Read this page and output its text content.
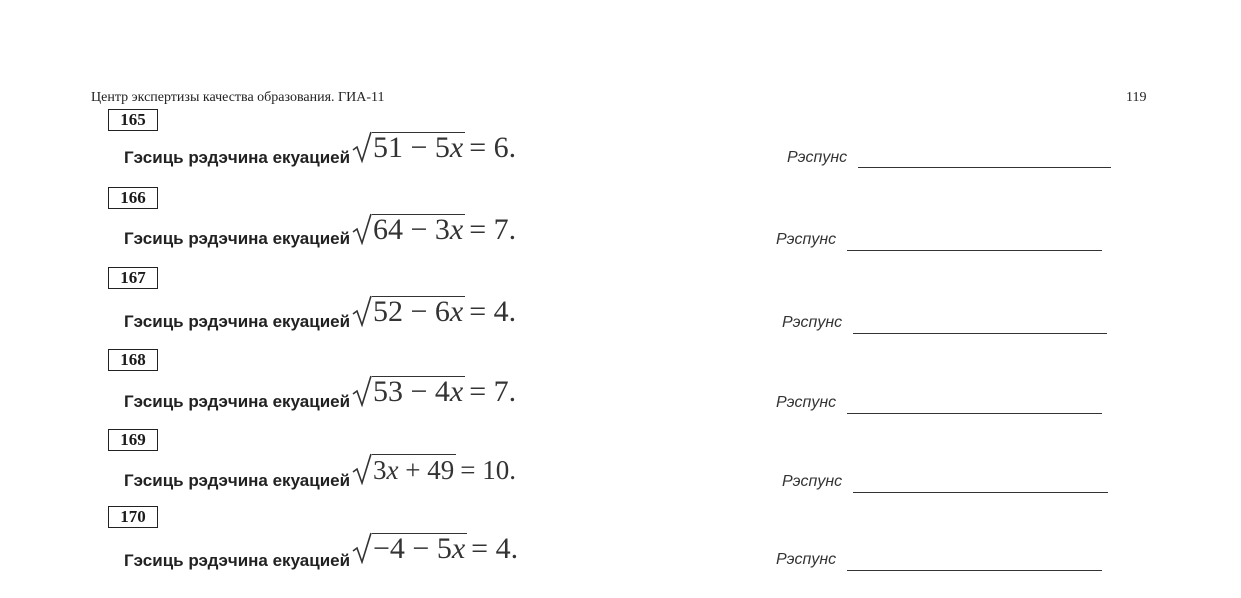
Центр экспертизы качества образования. ГИА-11	119
165
Гэсиць рэдэчина екуацией 51 − 5x = 6.	Рэспунс
166
Гэсиць рэдэчина екуацией 64 − 3x = 7.	Рэспунс
167
Гэсиць рэдэчина екуацией 52 − 6x = 4.	Рэспунс
168
Гэсиць рэдэчина екуацией 53 − 4x = 7.	Рэспунс
169
Гэсиць рэдэчина екуацией 3x + 49 = 10.	Рэспунс
170
Гэсиць рэдэчина екуацией −4 − 5x = 4.	Рэспунс
